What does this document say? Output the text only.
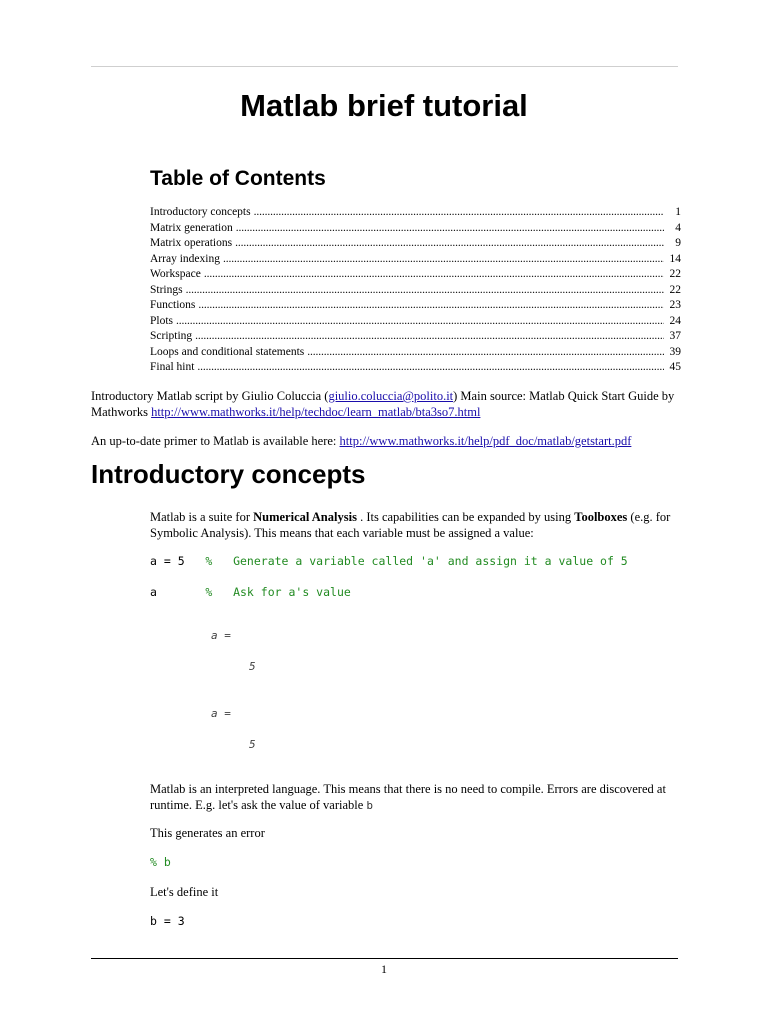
Matlab brief tutorial
Table of Contents
Introductory concepts . . .	1
Matrix generation . . .	4
Matrix operations . . .	9
Array indexing . . .	14
Workspace . . .	22
Strings . . .	22
Functions . . .	23
Plots . . .	24
Scripting . . .	37
Loops and conditional statements . . .	39
Final hint . . .	45

Introductory Matlab script by Giulio Coluccia (giulio.coluccia@polito.it) Main source: Matlab Quick Start Guide by
Mathworks http://www.mathworks.it/help/techdoc/learn_matlab/bta3so7.html

An up-to-date primer to Matlab is available here: http://www.mathworks.it/help/pdf_doc/matlab/getstart.pdf

Introductory concepts

Matlab is a suite for Numerical Analysis . Its capabilities can be expanded by using Toolboxes (e.g. for
Symbolic Analysis). This means that each variable must be assigned a value:

a = 5   %   Generate a variable called 'a' and assign it a value of 5
a       %   Ask for a's value
a =
5
a =
5

Matlab is an interpreted language. This means that there is no need to compile. Errors are discovered at
runtime. E.g. let's ask the value of variable b

This generates an error

% b

Let's define it

b = 3
1
